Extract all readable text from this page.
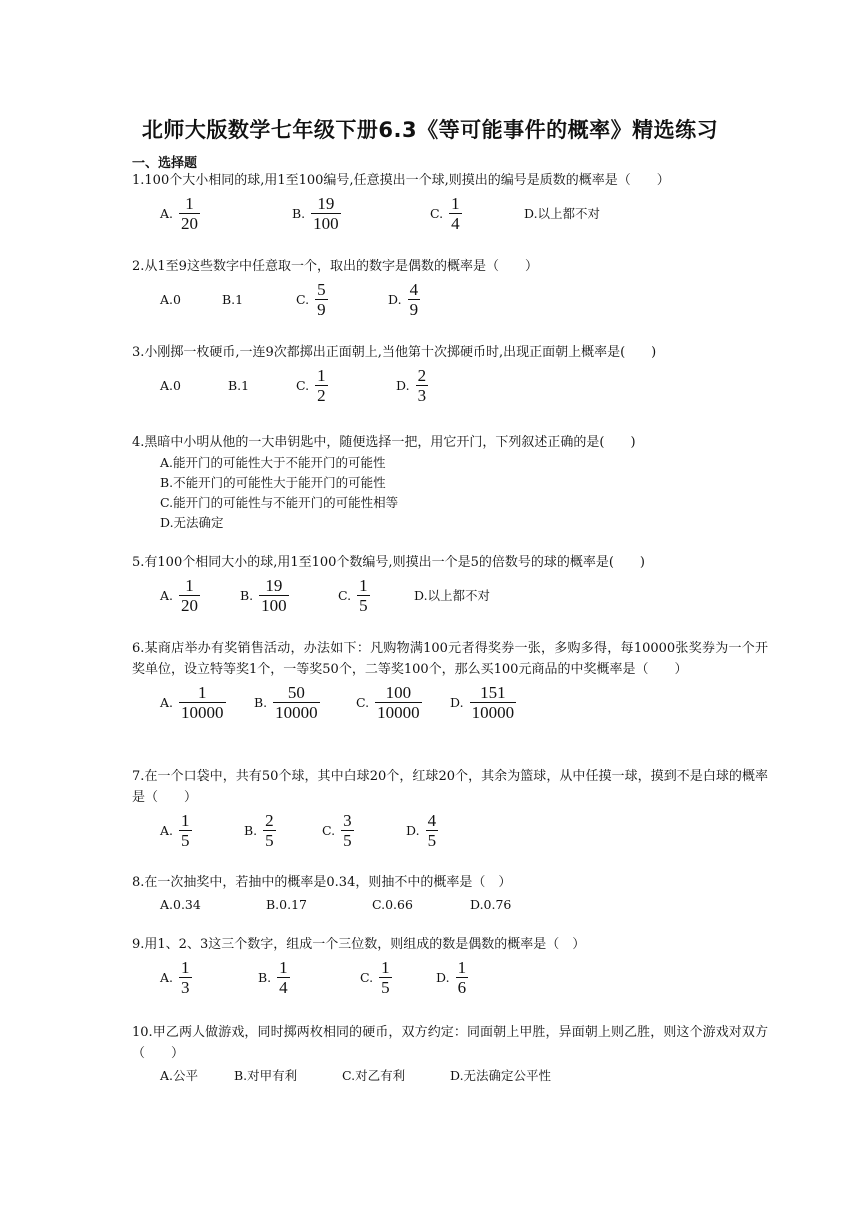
北师大版数学七年级下册6.3《等可能事件的概率》精选练习
一、选择题
1.100个大小相同的球,用1至100编号,任意摸出一个球,则摸出的编号是质数的概率是（　　）
A. $\frac{1}{20}$	B. $\frac{19}{100}$	C. $\frac{1}{4}$	D.以上都不对
2.从1至9这些数字中任意取一个，取出的数字是偶数的概率是（　　）
A.0	B.1	C. $\frac{5}{9}$	D. $\frac{4}{9}$
3.小刚掷一枚硬币,一连9次都掷出正面朝上,当他第十次掷硬币时,出现正面朝上概率是(　　)
A.0	B.1	C. $\frac{1}{2}$	D. $\frac{2}{3}$
4.黑暗中小明从他的一大串钥匙中，随便选择一把，用它开门，下列叙述正确的是(　　)
A.能开门的可能性大于不能开门的可能性
B.不能开门的可能性大于能开门的可能性
C.能开门的可能性与不能开门的可能性相等
D.无法确定
5.有100个相同大小的球,用1至100个数编号,则摸出一个是5的倍数号的球的概率是(　　)
A. $\frac{1}{20}$	B. $\frac{19}{100}$	C. $\frac{1}{5}$	D.以上都不对
6.某商店举办有奖销售活动，办法如下：凡购物满100元者得奖券一张，多购多得，每10000张奖券为一个开奖单位，设立特等奖1个，一等奖50个，二等奖100个，那么买100元商品的中奖概率是（　　）
A. $\frac{1}{10000} B$. $\frac{50}{10000}$	C. $\frac{100}{10000} D$. $\frac{151}{10000}$
7.在一个口袋中，共有50个球，其中白球20个，红球20个，其余为篮球，从中任摸一球，摸到不是白球的概率是（　　）
A. $\frac{1}{5}$	B. $\frac{2}{5}$	C. $\frac{3}{5}$	D. $\frac{4}{5}$
8.在一次抽奖中，若抽中的概率是0.34，则抽不中的概率是（　）
A.0.34	B.0.17	C.0.66	D.0.76
9.用1、2、3这三个数字，组成一个三位数，则组成的数是偶数的概率是（　）
A. $\frac{1}{3}$	B. $\frac{1}{4}$	C. $\frac{1}{5}$	D. $\frac{1}{6}$
10.甲乙两人做游戏，同时掷两枚相同的硬币，双方约定：同面朝上甲胜，异面朝上则乙胜，则这个游戏对双方（　　）
A.公平	B.对甲有利	C.对乙有利	D.无法确定公平性
